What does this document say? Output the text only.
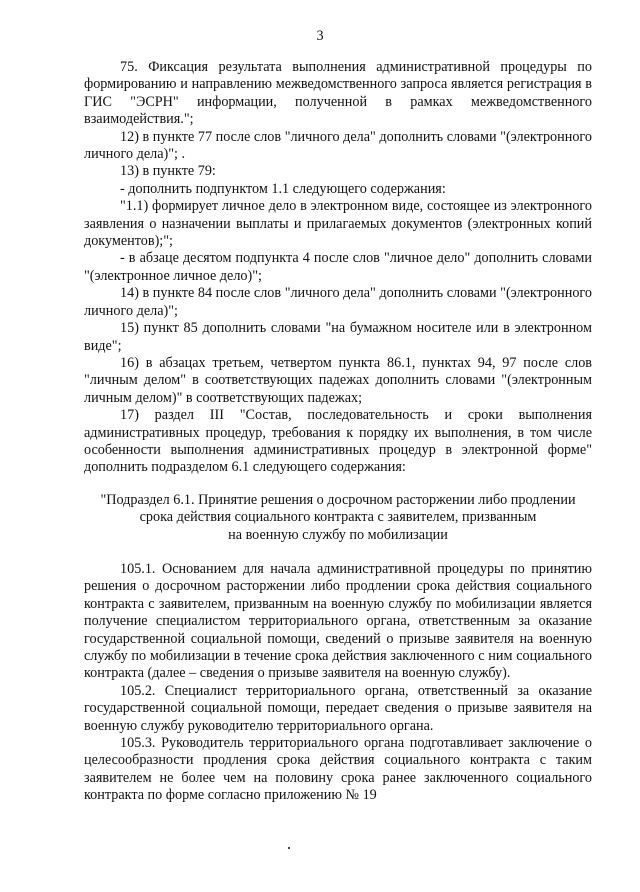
3

75. Фиксация результата выполнения административной процедуры по формированию и направлению межведомственного запроса является регистрация в ГИС "ЭСРН" информации, полученной в рамках межведомственного взаимодействия.";

12) в пункте 77 после слов "личного дела" дополнить словами "(электронного личного дела)"; .

13) в пункте 79:

- дополнить подпунктом 1.1 следующего содержания:

"1.1) формирует личное дело в электронном виде, состоящее из электронного заявления о назначении выплаты и прилагаемых документов (электронных копий документов);";

- в абзаце десятом подпункта 4 после слов "личное дело" дополнить словами "(электронное личное дело)";

14) в пункте 84 после слов "личного дела" дополнить словами "(электронного личного дела)";

15) пункт 85 дополнить словами "на бумажном носителе или в электронном виде";

16) в абзацах третьем, четвертом пункта 86.1, пунктах 94, 97 после слов "личным делом" в соответствующих падежах дополнить словами "(электронным личным делом)" в соответствующих падежах;

17) раздел III "Состав, последовательность и сроки выполнения административных процедур, требования к порядку их выполнения, в том числе особенности выполнения административных процедур в электронной форме" дополнить подразделом 6.1 следующего содержания:

"Подраздел 6.1. Принятие решения о досрочном расторжении либо продлении

срока действия социального контракта с заявителем, призванным

на военную службу по мобилизации

105.1. Основанием для начала административной процедуры по принятию решения о досрочном расторжении либо продлении срока действия социального контракта с заявителем, призванным на военную службу по мобилизации является получение специалистом территориального органа, ответственным за оказание государственной социальной помощи, сведений о призыве заявителя на военную службу по мобилизации в течение срока действия заключенного с ним социального контракта (далее – сведения о призыве заявителя на военную службу).

105.2. Специалист территориального органа, ответственный за оказание государственной социальной помощи, передает сведения о призыве заявителя на военную службу руководителю территориального органа.

105.3. Руководитель территориального органа подготавливает заключение о целесообразности продления срока действия социального контракта с таким заявителем не более чем на половину срока ранее заключенного социального контракта по форме согласно приложению № 19
